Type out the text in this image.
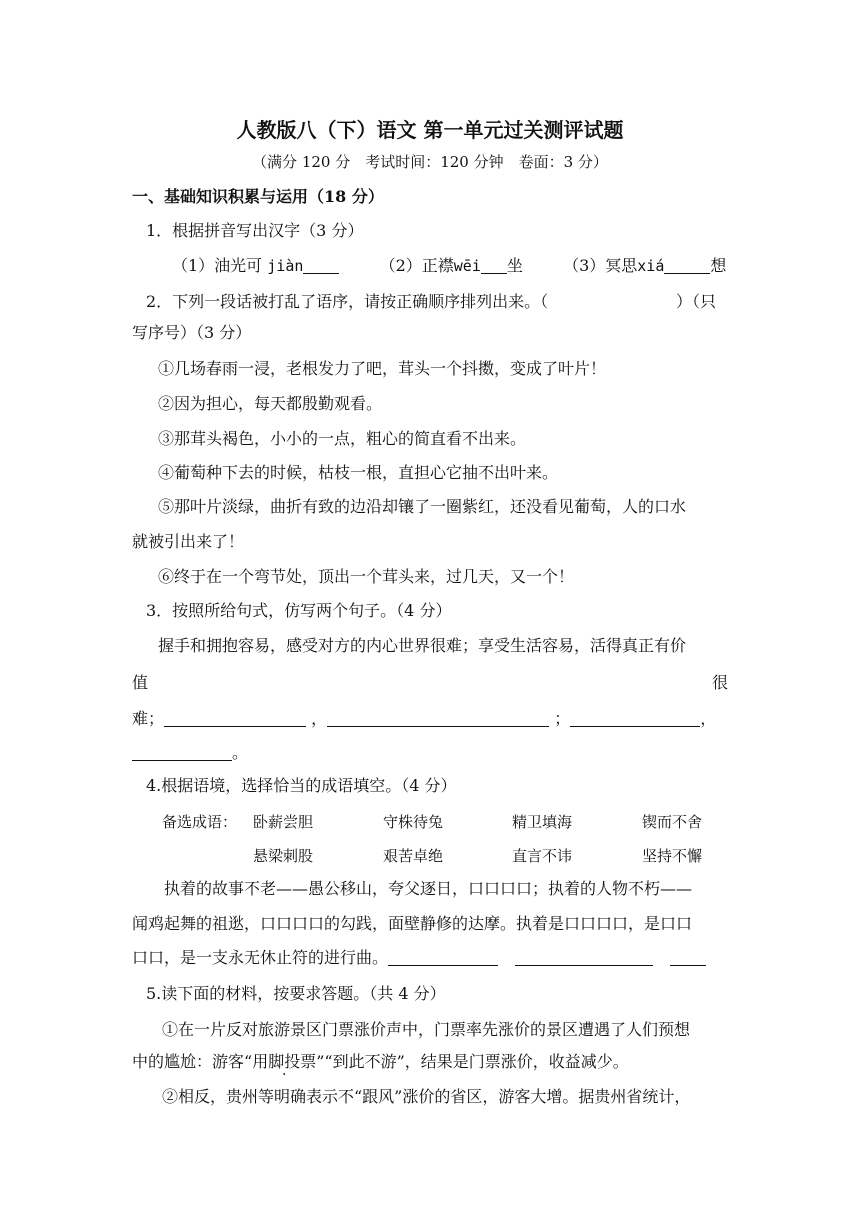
人教版八（下）语文 第一单元过关测评试题
（满分 120 分　考试时间：120 分钟　卷面：3 分）
一、基础知识积累与运用（18 分）
1．根据拼音写出汉字（3 分）
（1）油光可 jiàn	（2）正襟wēi 坐	（3）冥思xiá	想
2．下列一段话被打乱了语序，请按正确顺序排列出来。（	）（只
写序号）（3 分）
①几场春雨一浸，老根发力了吧，茸头一个抖擞，变成了叶片！
②因为担心，每天都殷勤观看。
③那茸头褐色，小小的一点，粗心的简直看不出来。
④葡萄种下去的时候，枯枝一根，直担心它抽不出叶来。
⑤那叶片淡绿，曲折有致的边沿却镶了一圈紫红，还没看见葡萄，人的口水
就被引出来了！
⑥终于在一个弯节处，顶出一个茸头来，过几天，又一个！
3．按照所给句式，仿写两个句子。（4 分）
握手和拥抱容易，感受对方的内心世界很难；享受生活容易，活得真正有价
值	很
难；	，	；	，
。
4.根据语境，选择恰当的成语填空。（4 分）
备选成语： 卧薪尝胆	守株待兔	精卫填海	锲而不舍
悬梁刺股	艰苦卓绝	直言不讳	坚持不懈
执着的故事不老——愚公移山，夸父逐日，口口口口；执着的人物不朽——
闻鸡起舞的祖逖，口口口口的勾践，面壁静修的达摩。执着是口口口口，是口口
口口，是一支永无休止符的进行曲。
5.读下面的材料，按要求答题。（共 4 分）
①在一片反对旅游景区门票涨价声中，门票率先涨价的景区遭遇了人们预想
中的尴尬：游客“用脚投票”“到此不游”，结果是门票涨价，收益减少。
②相反，贵州等明确表示不“跟风”涨价的省区，游客大增。据贵州省统计，
